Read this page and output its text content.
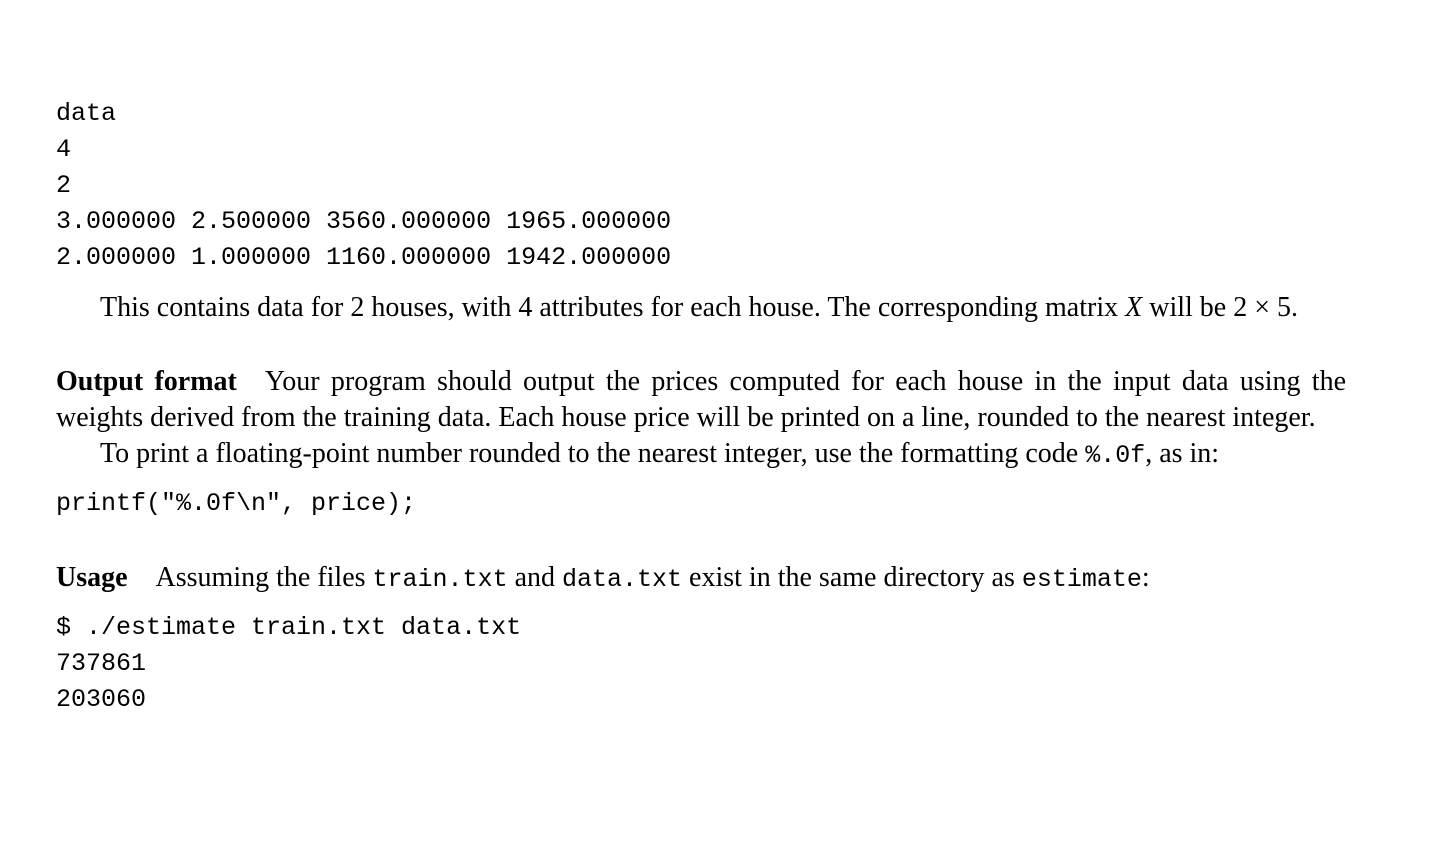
data
4
2
3.000000 2.500000 3560.000000 1965.000000
2.000000 1.000000 1160.000000 1942.000000

This contains data for 2 houses, with 4 attributes for each house. The corresponding matrix X will be 2 × 5.

Output format Your program should output the prices computed for each house in the input data using the weights derived from the training data. Each house price will be printed on a line, rounded to the nearest integer.

To print a floating-point number rounded to the nearest integer, use the formatting code %.0f, as in:

printf("%.0f\n", price);

Usage Assuming the files train.txt and data.txt exist in the same directory as estimate:

$ ./estimate train.txt data.txt
737861
203060
